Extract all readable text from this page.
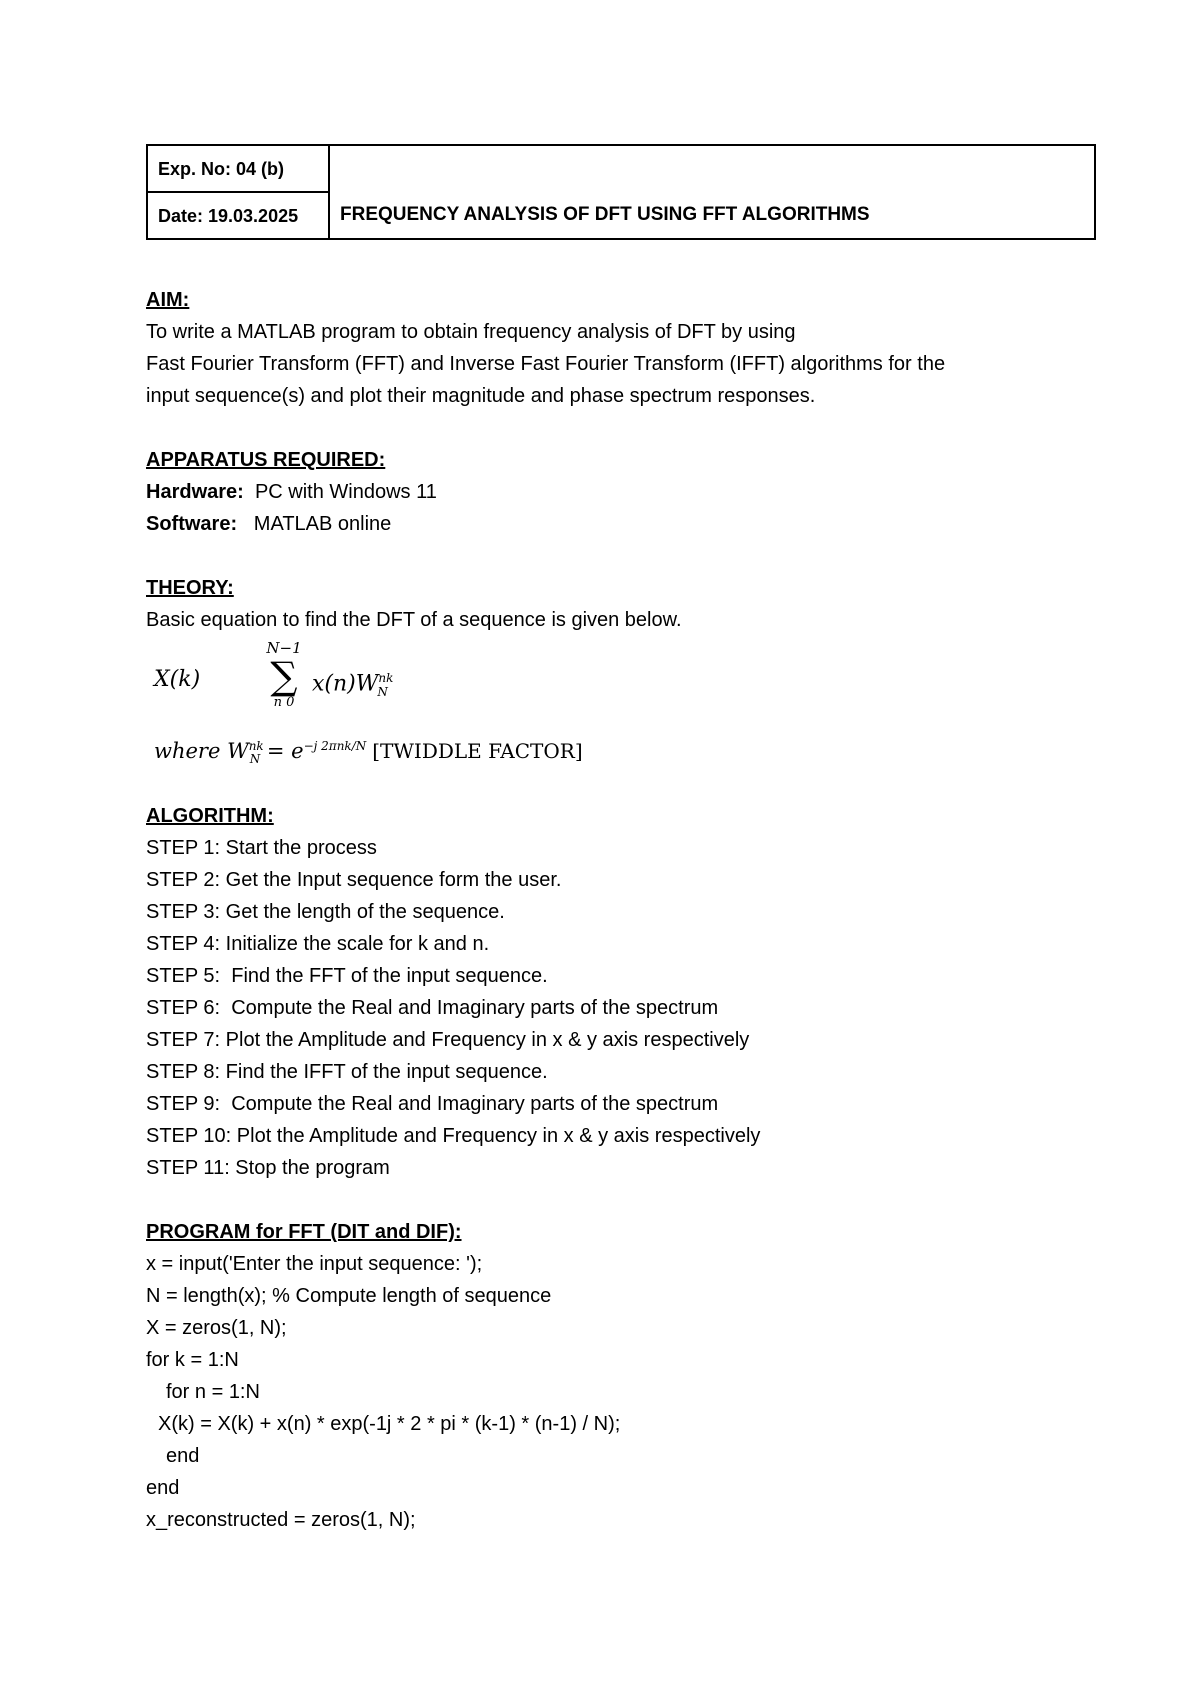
Exp. No: 04 (b)	
Date: 19.03.2025	FREQUENCY ANALYSIS OF DFT USING FFT ALGORITHMS
AIM:
To write a MATLAB program to obtain frequency analysis of DFT by using
Fast Fourier Transform (FFT) and Inverse Fast Fourier Transform (IFFT) algorithms for the
input sequence(s) and plot their magnitude and phase spectrum responses.
APPARATUS REQUIRED:
Hardware: PC with Windows 11
Software: MATLAB online
THEORY:
Basic equation to find the DFT of a sequence is given below.
X(k)
N−1
∑
n 0
$x(n)W^{nk}_N$
where $W^{nk}_N = e^{-j 2\pi nk/N}$ [TWIDDLE FACTOR]
ALGORITHM:
STEP 1: Start the process
STEP 2: Get the Input sequence form the user.
STEP 3: Get the length of the sequence.
STEP 4: Initialize the scale for k and n.
STEP 5:  Find the FFT of the input sequence.
STEP 6:  Compute the Real and Imaginary parts of the spectrum
STEP 7: Plot the Amplitude and Frequency in x & y axis respectively
STEP 8: Find the IFFT of the input sequence.
STEP 9:  Compute the Real and Imaginary parts of the spectrum
STEP 10: Plot the Amplitude and Frequency in x & y axis respectively
STEP 11: Stop the program
PROGRAM for FFT (DIT and DIF):
x = input('Enter the input sequence: ');
N = length(x); % Compute length of sequence
X = zeros(1, N);
for k = 1:N
for n = 1:N
X(k) = X(k) + x(n) * exp(-1j * 2 * pi * (k-1) * (n-1) / N);
end
end
x_reconstructed = zeros(1, N);
